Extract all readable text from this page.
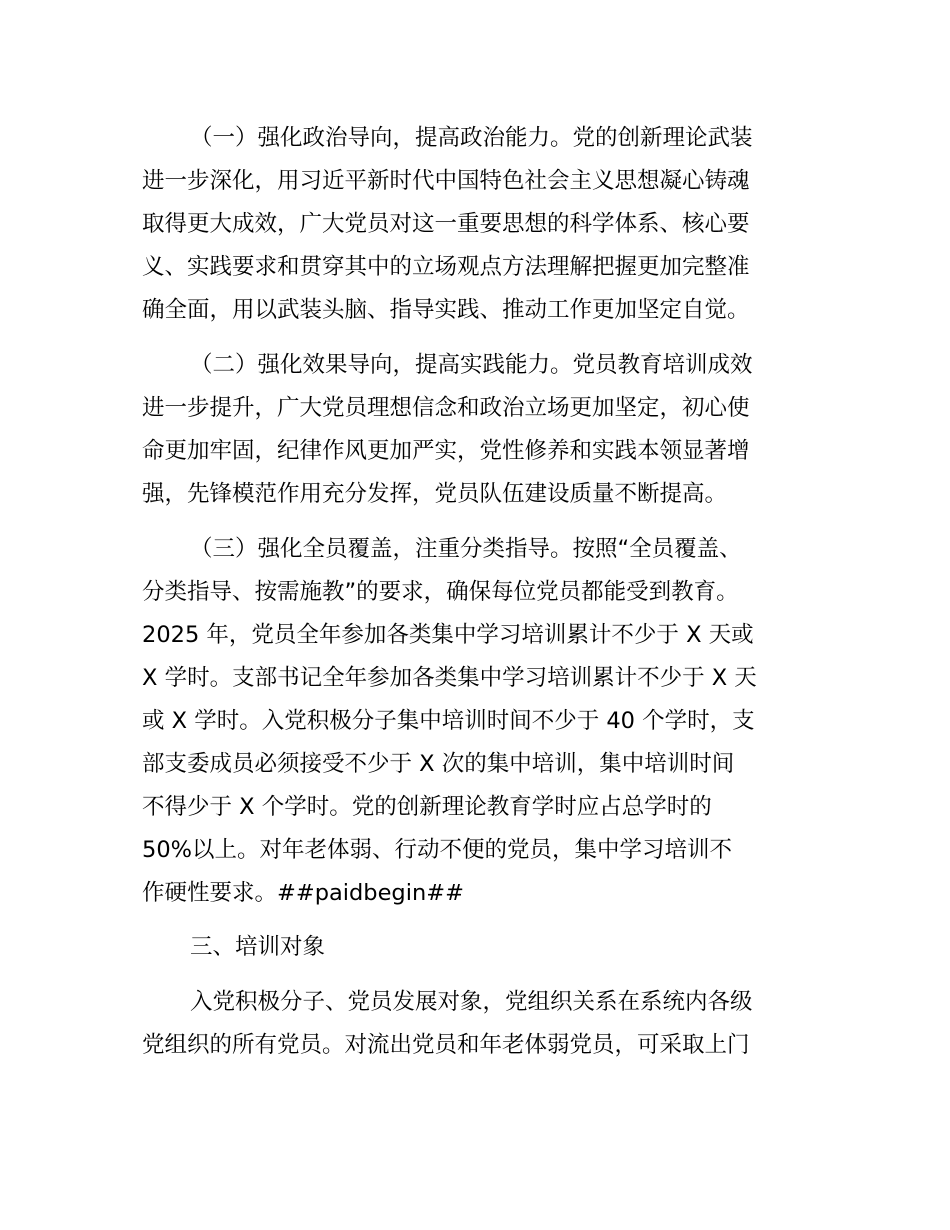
（一）强化政治导向，提高政治能力。党的创新理论武装

进一步深化，用习近平新时代中国特色社会主义思想凝心铸魂

取得更大成效，广大党员对这一重要思想的科学体系、核心要

义、实践要求和贯穿其中的立场观点方法理解把握更加完整准

确全面，用以武装头脑、指导实践、推动工作更加坚定自觉。

（二）强化效果导向，提高实践能力。党员教育培训成效

进一步提升，广大党员理想信念和政治立场更加坚定，初心使

命更加牢固，纪律作风更加严实，党性修养和实践本领显著增

强，先锋模范作用充分发挥，党员队伍建设质量不断提高。

（三）强化全员覆盖，注重分类指导。按照“全员覆盖、

分类指导、按需施教”的要求，确保每位党员都能受到教育。

2025 年，党员全年参加各类集中学习培训累计不少于 X 天或

X 学时。支部书记全年参加各类集中学习培训累计不少于 X 天

或 X 学时。入党积极分子集中培训时间不少于 40 个学时，支

部支委成员必须接受不少于 X 次的集中培训，集中培训时间

不得少于 X 个学时。党的创新理论教育学时应占总学时的

50%以上。对年老体弱、行动不便的党员，集中学习培训不

作硬性要求。##paidbegin##

三、培训对象

入党积极分子、党员发展对象，党组织关系在系统内各级

党组织的所有党员。对流出党员和年老体弱党员，可采取上门
